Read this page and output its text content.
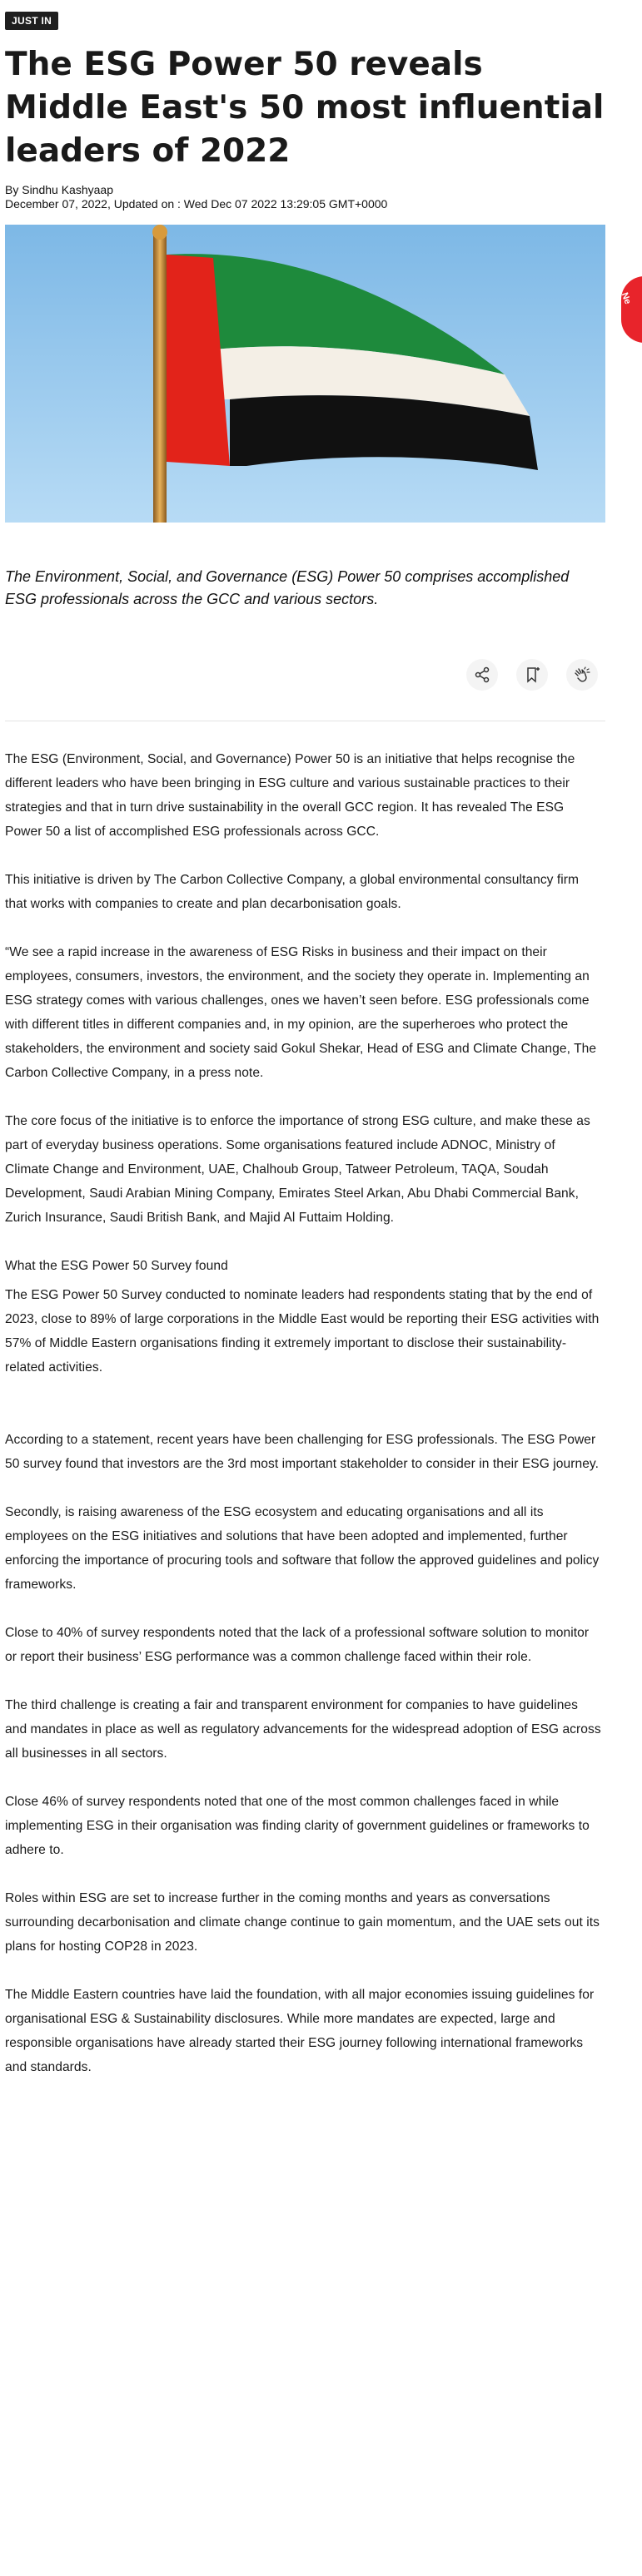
JUST IN
The ESG Power 50 reveals Middle East's 50 most influential leaders of 2022
By Sindhu Kashyaap
December 07, 2022, Updated on : Wed Dec 07 2022 13:29:05 GMT+0000
Ne

The Environment, Social, and Governance (ESG) Power 50 comprises accomplished ESG professionals across the GCC and various sectors.

The ESG (Environment, Social, and Governance) Power 50 is an initiative that helps recognise the different leaders who have been bringing in ESG culture and various sustainable practices to their strategies and that in turn drive sustainability in the overall GCC region. It has revealed The ESG Power 50 a list of accomplished ESG professionals across GCC.

This initiative is driven by The Carbon Collective Company, a global environmental consultancy firm that works with companies to create and plan decarbonisation goals.

“We see a rapid increase in the awareness of ESG Risks in business and their impact on their employees, consumers, investors, the environment, and the society they operate in. Implementing an ESG strategy comes with various challenges, ones we haven’t seen before. ESG professionals come with different titles in different companies and, in my opinion, are the superheroes who protect the stakeholders, the environment and society said Gokul Shekar, Head of ESG and Climate Change, The Carbon Collective Company, in a press note.

The core focus of the initiative is to enforce the importance of strong ESG culture, and make these as part of everyday business operations. Some organisations featured include ADNOC, Ministry of Climate Change and Environment, UAE, Chalhoub Group, Tatweer Petroleum, TAQA, Soudah Development, Saudi Arabian Mining Company, Emirates Steel Arkan, Abu Dhabi Commercial Bank, Zurich Insurance, Saudi British Bank, and Majid Al Futtaim Holding.

What the ESG Power 50 Survey found

The ESG Power 50 Survey conducted to nominate leaders had respondents stating that by the end of 2023, close to 89% of large corporations in the Middle East would be reporting their ESG activities with 57% of Middle Eastern organisations finding it extremely important to disclose their sustainability-related activities.

According to a statement, recent years have been challenging for ESG professionals. The ESG Power 50 survey found that investors are the 3rd most important stakeholder to consider in their ESG journey.

Secondly, is raising awareness of the ESG ecosystem and educating organisations and all its employees on the ESG initiatives and solutions that have been adopted and implemented, further enforcing the importance of procuring tools and software that follow the approved guidelines and policy frameworks.

Close to 40% of survey respondents noted that the lack of a professional software solution to monitor or report their business’ ESG performance was a common challenge faced within their role.

The third challenge is creating a fair and transparent environment for companies to have guidelines and mandates in place as well as regulatory advancements for the widespread adoption of ESG across all businesses in all sectors.

Close 46% of survey respondents noted that one of the most common challenges faced in while implementing ESG in their organisation was finding clarity of government guidelines or frameworks to adhere to.

Roles within ESG are set to increase further in the coming months and years as conversations surrounding decarbonisation and climate change continue to gain momentum, and the UAE sets out its plans for hosting COP28 in 2023.

The Middle Eastern countries have laid the foundation, with all major economies issuing guidelines for organisational ESG & Sustainability disclosures. While more mandates are expected, large and responsible organisations have already started their ESG journey following international frameworks and standards.
